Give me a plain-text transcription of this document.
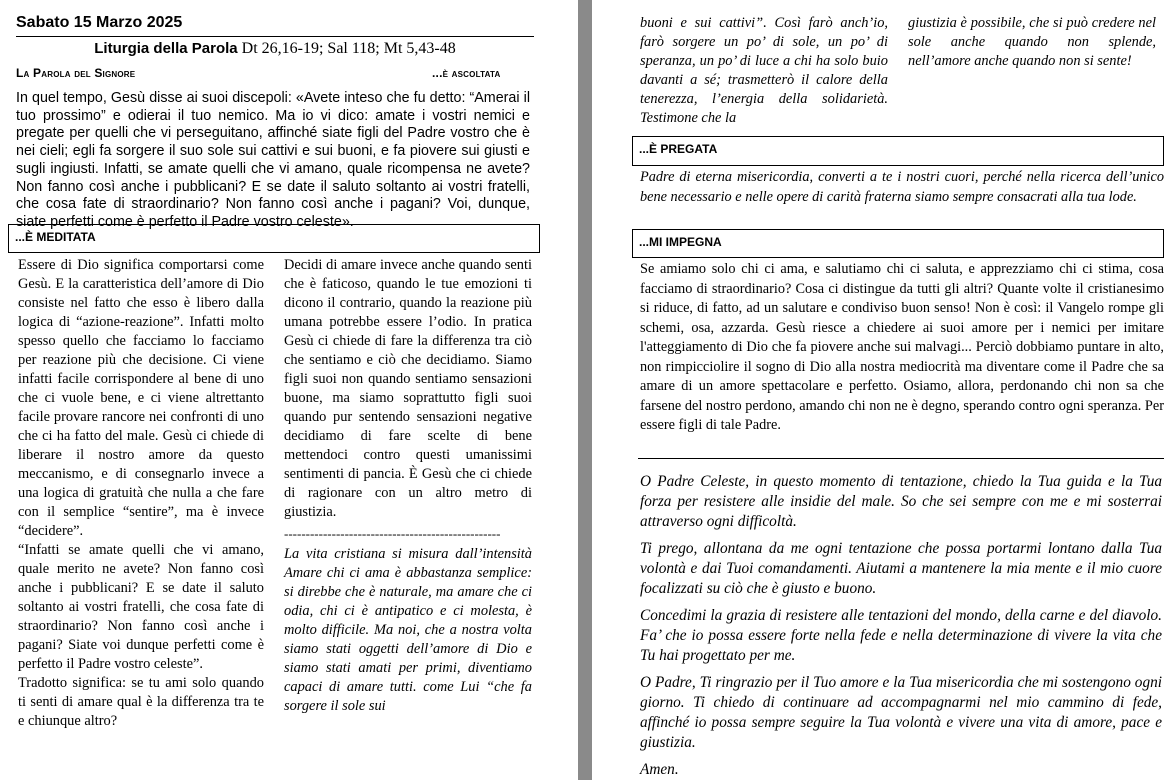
Sabato 15 Marzo 2025
Liturgia della Parola Dt 26,16-19; Sal 118; Mt 5,43-48
La Parola del Signore	...è ascoltata
In quel tempo, Gesù disse ai suoi discepoli: «Avete inteso che fu detto: “Amerai il tuo prossimo” e odierai il tuo nemico. Ma io vi dico: amate i vostri nemici e pregate per quelli che vi perseguitano, affinché siate figli del Padre vostro che è nei cieli; egli fa sorgere il suo sole sui cattivi e sui buoni, e fa piovere sui giusti e sugli ingiusti. Infatti, se amate quelli che vi amano, quale ricompensa ne avete? Non fanno così anche i pubblicani? E se date il saluto soltanto ai vostri fratelli, che cosa fate di straordinario? Non fanno così anche i pagani? Voi, dunque, siate perfetti come è perfetto il Padre vostro celeste».
...È MEDITATA

Essere di Dio significa comportarsi come Gesù. E la caratteristica dell’amore di Dio consiste nel fatto che esso è libero dalla logica di “azione-reazione”. Infatti molto spesso quello che facciamo lo facciamo per reazione più che decisione. Ci viene infatti facile corrispondere al bene di uno che ci vuole bene, e ci viene altrettanto facile provare rancore nei confronti di uno che ci ha fatto del male. Gesù ci chiede di liberare il nostro amore da questo meccanismo, e di consegnarlo invece a una logica di gratuità che nulla a che fare con il semplice “sentire”, ma è invece “decidere”.

“Infatti se amate quelli che vi amano, quale merito ne avete? Non fanno così anche i pubblicani? E se date il saluto soltanto ai vostri fratelli, che cosa fate di straordinario? Non fanno così anche i pagani? Siate voi dunque perfetti come è perfetto il Padre vostro celeste”.

Tradotto significa: se tu ami solo quando ti senti di amare qual è la differenza tra te e chiunque altro?

Decidi di amare invece anche quando senti che è faticoso, quando le tue emozioni ti dicono il contrario, quando la reazione più umana potrebbe essere l’odio. In pratica Gesù ci chiede di fare la differenza tra ciò che sentiamo e ciò che decidiamo. Siamo figli suoi non quando sentiamo sensazioni buone, ma siamo soprattutto figli suoi quando pur sentendo sensazioni negative decidiamo di fare scelte di bene mettendoci contro questi umanissimi sentimenti di pancia. È Gesù che ci chiede di ragionare con un altro metro di giustizia.

--------------------------------------------------

La vita cristiana si misura dall’intensità Amare chi ci ama è abbastanza semplice: si direbbe che è naturale, ma amare che ci odia, chi ci è antipatico e ci molesta, è molto difficile. Ma noi, che a nostra volta siamo stati oggetti dell’amore di Dio e siamo stati amati per primi, diventiamo capaci di amare tutti. come Lui “che fa sorgere il sole sui

buoni e sui cattivi”. Così farò anch’io, farò sorgere un po’ di sole, un po’ di speranza, un po’ di luce a chi ha solo buio davanti a sé; trasmetterò il calore della tenerezza, l’energia della solidarietà. Testimone che la
giustizia è possibile, che si può credere nel sole anche quando non splende, nell’amore anche quando non si sente!
...È PREGATA
Padre di eterna misericordia, converti a te i nostri cuori, perché nella ricerca dell’unico bene necessario e nelle opere di carità fraterna siamo sempre consacrati alla tua lode.
...MI IMPEGNA
Se amiamo solo chi ci ama, e salutiamo chi ci saluta, e apprezziamo chi ci stima, cosa facciamo di straordinario? Cosa ci distingue da tutti gli altri? Quante volte il cristianesimo si riduce, di fatto, ad un salutare e condiviso buon senso! Non è così: il Vangelo rompe gli schemi, osa, azzarda. Gesù riesce a chiedere ai suoi amore per i nemici per imitare l'atteggiamento di Dio che fa piovere anche sui malvagi... Perciò dobbiamo puntare in alto, non rimpicciolire il sogno di Dio alla nostra mediocrità ma diventare come il Padre che sa amare di un amore spettacolare e perfetto. Osiamo, allora, perdonando chi non sa che farsene del nostro perdono, amando chi non ne è degno, sperando contro ogni speranza. Per essere figli di tale Padre.

O Padre Celeste, in questo momento di tentazione, chiedo la Tua guida e la Tua forza per resistere alle insidie del male. So che sei sempre con me e mi sosterrai attraverso ogni difficoltà.

Ti prego, allontana da me ogni tentazione che possa portarmi lontano dalla Tua volontà e dai Tuoi comandamenti. Aiutami a mantenere la mia mente e il mio cuore focalizzati su ciò che è giusto e buono.

Concedimi la grazia di resistere alle tentazioni del mondo, della carne e del diavolo. Fa’ che io possa essere forte nella fede e nella determinazione di vivere la vita che Tu hai progettato per me.

O Padre, Ti ringrazio per il Tuo amore e la Tua misericordia che mi sostengono ogni giorno. Ti chiedo di continuare ad accompagnarmi nel mio cammino di fede, affinché io possa sempre seguire la Tua volontà e vivere una vita di amore, pace e giustizia.

Amen.
